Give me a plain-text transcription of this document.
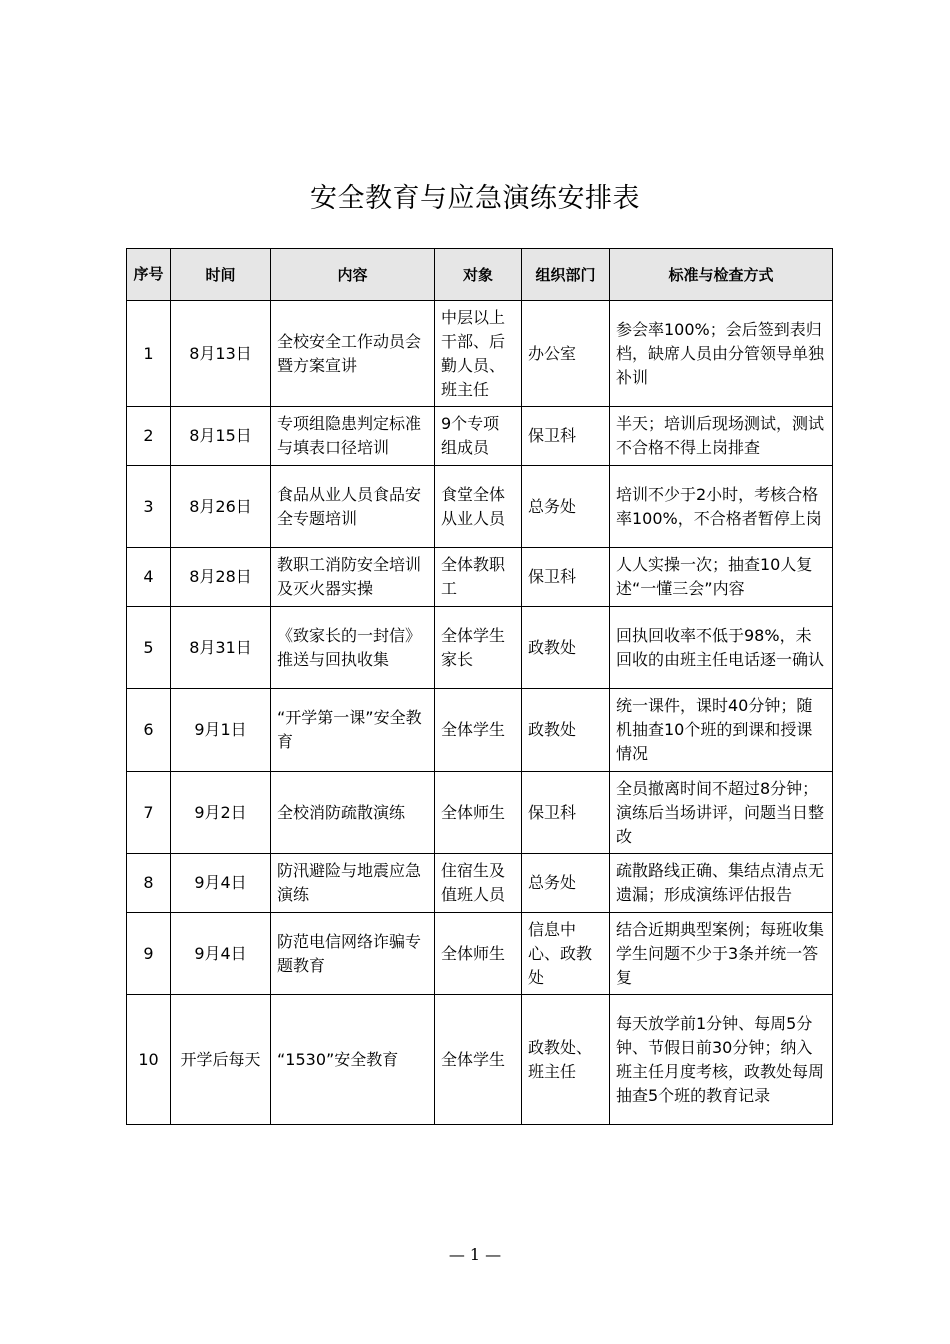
安全教育与应急演练安排表
序号	时间	内容	对象	组织部门	标准与检查方式
1	8月13日	全校安全工作动员会暨方案宣讲	中层以上干部、后勤人员、班主任	办公室	参会率100%；会后签到表归档，缺席人员由分管领导单独补训
2	8月15日	专项组隐患判定标准与填表口径培训	9个专项组成员	保卫科	半天；培训后现场测试，测试不合格不得上岗排查
3	8月26日	食品从业人员食品安全专题培训	食堂全体从业人员	总务处	培训不少于2小时，考核合格率100%，不合格者暂停上岗
4	8月28日	教职工消防安全培训及灭火器实操	全体教职工	保卫科	人人实操一次；抽查10人复述“一懂三会”内容
5	8月31日	《致家长的一封信》推送与回执收集	全体学生家长	政教处	回执回收率不低于98%，未回收的由班主任电话逐一确认
6	9月1日	“开学第一课”安全教育	全体学生	政教处	统一课件，课时40分钟；随机抽查10个班的到课和授课情况
7	9月2日	全校消防疏散演练	全体师生	保卫科	全员撤离时间不超过8分钟；演练后当场讲评，问题当日整改
8	9月4日	防汛避险与地震应急演练	住宿生及值班人员	总务处	疏散路线正确、集结点清点无遗漏；形成演练评估报告
9	9月4日	防范电信网络诈骗专题教育	全体师生	信息中心、政教处	结合近期典型案例；每班收集学生问题不少于3条并统一答复
10	开学后每天	“1530”安全教育	全体学生	政教处、班主任	每天放学前1分钟、每周5分钟、节假日前30分钟；纳入班主任月度考核，政教处每周抽查5个班的教育记录
— 1 —
